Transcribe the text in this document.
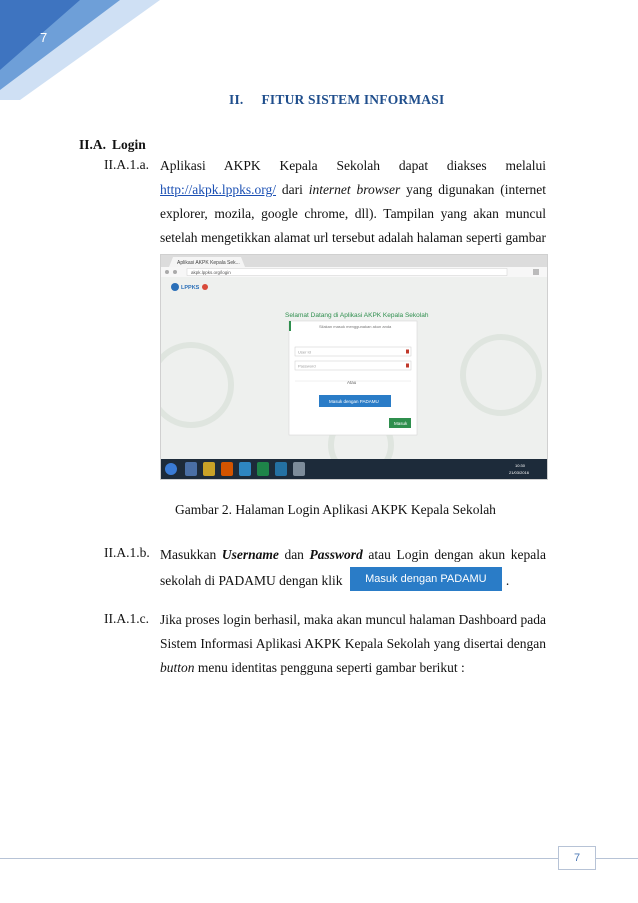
7
II. FITUR SISTEM INFORMASI
II.A. Login
II.A.1.a. Aplikasi AKPK Kepala Sekolah dapat diakses melalui http://akpk.lppks.org/ dari internet browser yang digunakan (internet explorer, mozila, google chrome, dll). Tampilan yang akan muncul setelah mengetikkan alamat url tersebut adalah halaman seperti gambar
Aplikasi AKPK Kepala Sek...
akpk.lppks.org/login
LPPKS
Selamat Datang di Aplikasi AKPK Kepala Sekolah
Silakan masuk menggunakan akun anda
User Id
Password
Atau
Masuk dengan PADAMU
Masuk
10:30
21/03/2016
Gambar 2. Halaman Login Aplikasi AKPK Kepala Sekolah
II.A.1.b. Masukkan Username dan Password atau Login dengan akun kepala sekolah di PADAMU dengan klik Masuk dengan PADAMU .
II.A.1.c. Jika proses login berhasil, maka akan muncul halaman Dashboard pada Sistem Informasi Aplikasi AKPK Kepala Sekolah yang disertai dengan button menu identitas pengguna seperti gambar berikut :
7
